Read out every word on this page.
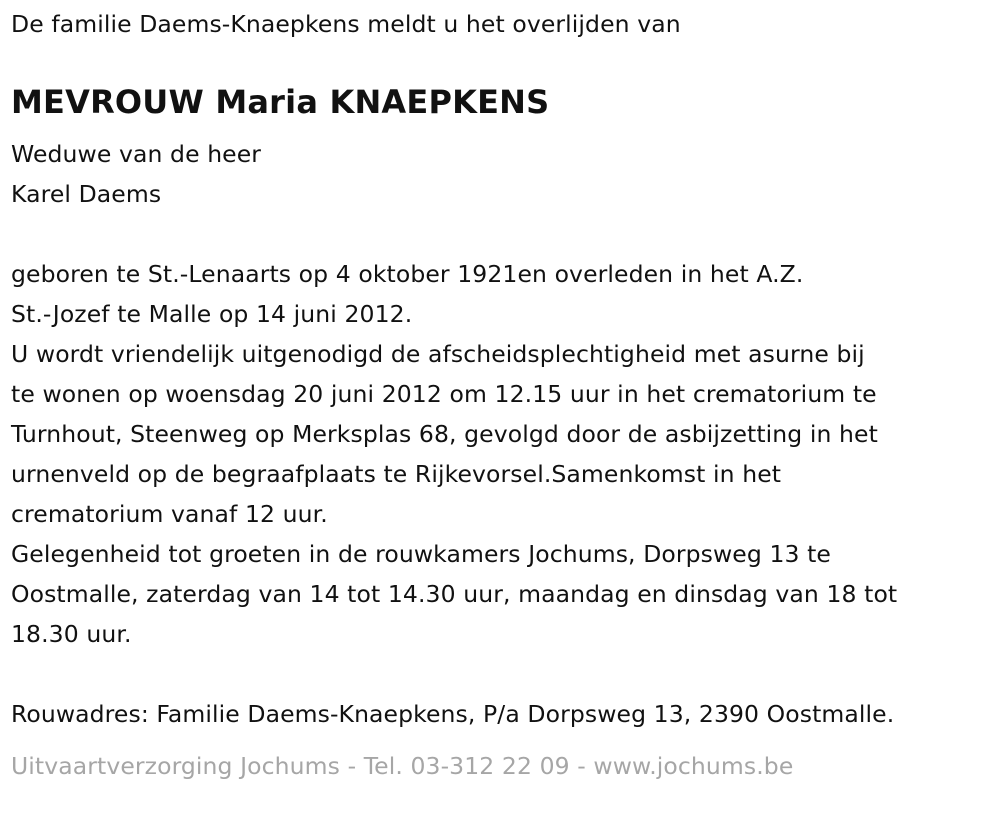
De familie Daems-Knaepkens meldt u het overlijden van
MEVROUW Maria KNAEPKENS
Weduwe van de heer
Karel Daems
geboren te St.-Lenaarts op 4 oktober 1921en overleden in het A.Z.
St.-Jozef te Malle op 14 juni 2012.
U wordt vriendelijk uitgenodigd de afscheidsplechtigheid met asurne bij
te wonen op woensdag 20 juni 2012 om 12.15 uur in het crematorium te
Turnhout, Steenweg op Merksplas 68, gevolgd door de asbijzetting in het
urnenveld op de begraafplaats te Rijkevorsel.Samenkomst in het
crematorium vanaf 12 uur.
Gelegenheid tot groeten in de rouwkamers Jochums, Dorpsweg 13 te
Oostmalle, zaterdag van 14 tot 14.30 uur, maandag en dinsdag van 18 tot
18.30 uur.
Rouwadres: Familie Daems-Knaepkens, P/a Dorpsweg 13, 2390 Oostmalle.
Uitvaartverzorging Jochums - Tel. 03-312 22 09 - www.jochums.be
